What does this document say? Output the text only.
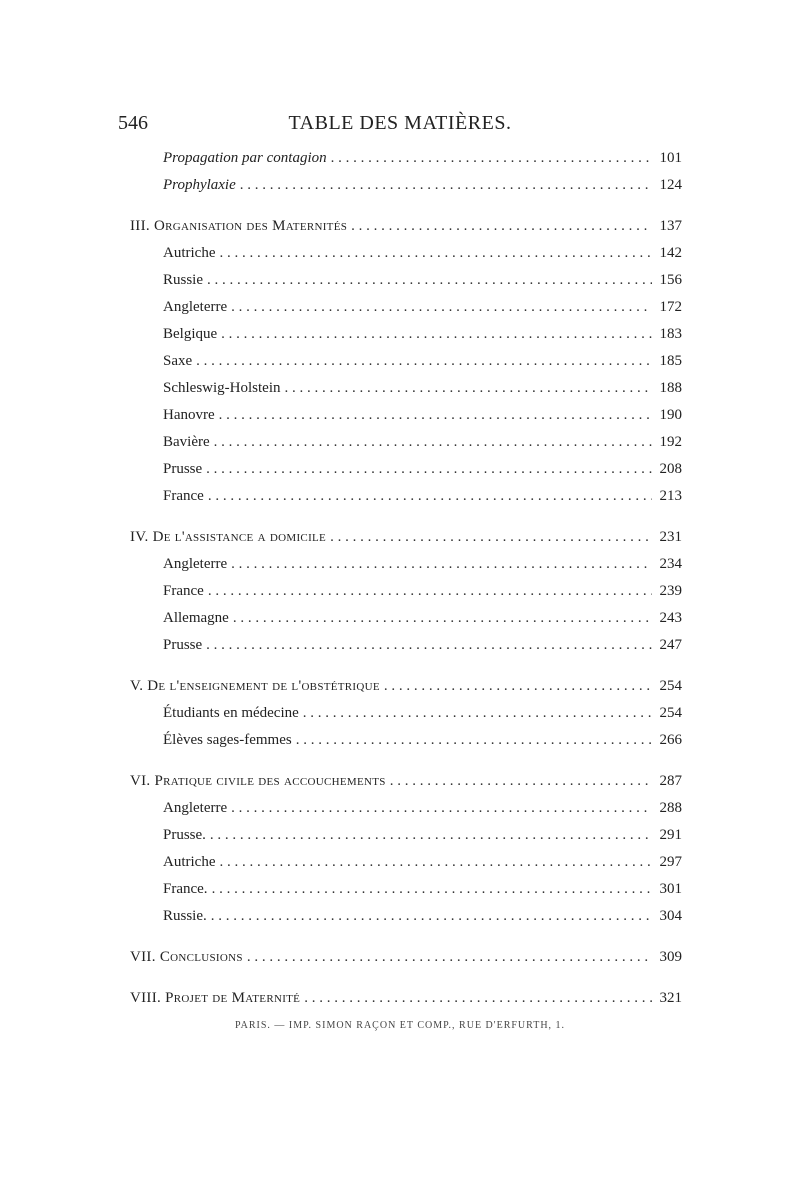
546	TABLE DES MATIÈRES.
Propagation par contagion . . .	101
Prophylaxie . . .	124
III. Organisation des Maternités . . .	137
Autriche . . .	142
Russie . . .	156
Angleterre . . .	172
Belgique . . .	183
Saxe . . .	185
Schleswig-Holstein . . .	188
Hanovre . . .	190
Bavière . . .	192
Prusse . . .	208
France . . .	213
IV. De l'assistance a domicile . . .	231
Angleterre . . .	234
France . . .	239
Allemagne . . .	243
Prusse . . .	247
V. De l'enseignement de l'obstétrique . . .	254
Étudiants en médecine . . .	254
Élèves sages-femmes . . .	266
VI. Pratique civile des accouchements . . .	287
Angleterre . . .	288
Prusse. . . .	291
Autriche . . .	297
France. . . .	301
Russie. . . .	304
VII. Conclusions . . .	309
VIII. Projet de Maternité . . .	321
PARIS. — IMP. SIMON RAÇON ET COMP., RUE D'ERFURTH, 1.
